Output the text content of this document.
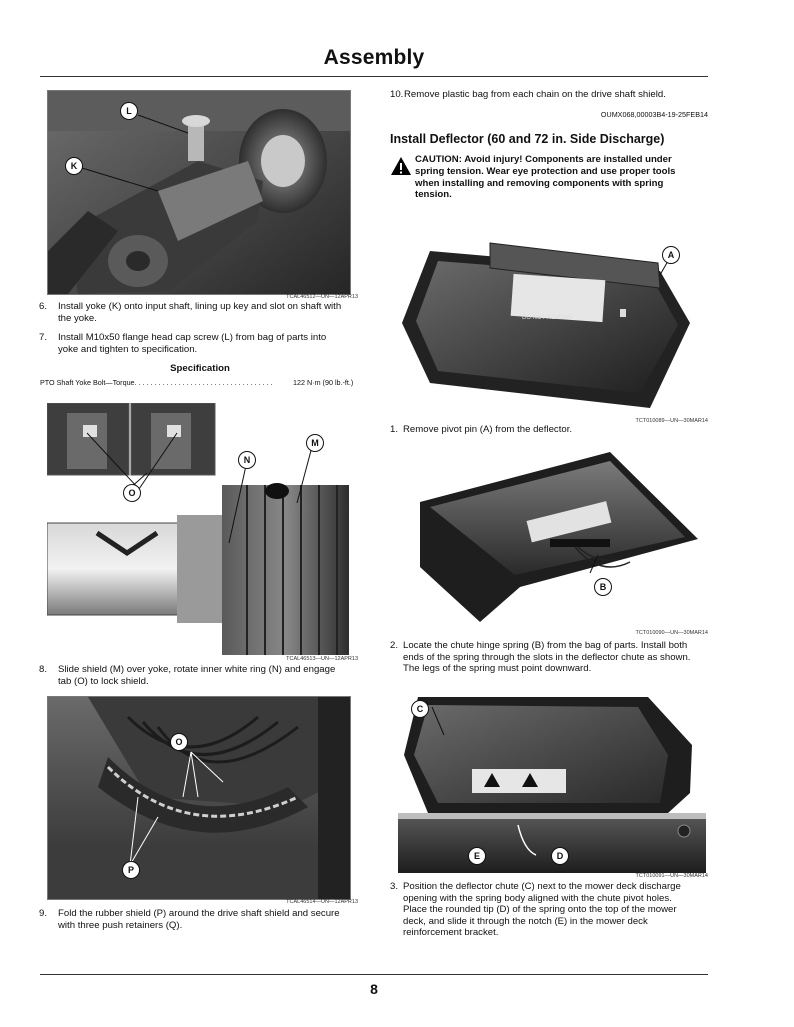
Assembly
L
K
TCAL46512—UN—12APR13
6. Install yoke (K) onto input shaft, lining up key and slot on shaft with
the yoke.
7. Install M10x50 flange head cap screw (L) from bag of parts into
yoke and tighten to specification.
Specification
PTO Shaft Yoke Bolt—Torque. . . . . . . . . . . . . . . . . . . . . . . . . . . . . . . . . . .	122 N·m (90 lb.-ft.)
M
N
O
TCAL46513—UN—12APR13
8. Slide shield (M) over yoke, rotate inner white ring (N) and engage
tab (O) to lock shield.
O
P
TCAL46514—UN—12APR13
9. Fold the rubber shield (P) around the drive shaft shield and secure
with three push retainers (Q).
10. Remove plastic bag from each chain on the drive shaft shield.
OUMX068,00003B4-19-25FEB14
Install Deflector (60 and 72 in. Side Discharge)
CAUTION: Avoid injury! Components are installed under
spring tension. Wear eye protection and use proper tools
when installing and removing components with spring
tension.
DO NOT REMOVE
A
TCT010089—UN—30MAR14
1. Remove pivot pin (A) from the deflector.
B
TCT010090—UN—30MAR14
2. Locate the chute hinge spring (B) from the bag of parts. Install both
ends of the spring through the slots in the deflector chute as shown.
The legs of the spring must point downward.
C
E	D
TCT010091—UN—30MAR14
3. Position the deflector chute (C) next to the mower deck discharge
opening with the spring body aligned with the chute pivot holes.
Place the rounded tip (D) of the spring onto the top of the mower
deck, and slide it through the notch (E) in the mower deck
reinforcement bracket.
8
